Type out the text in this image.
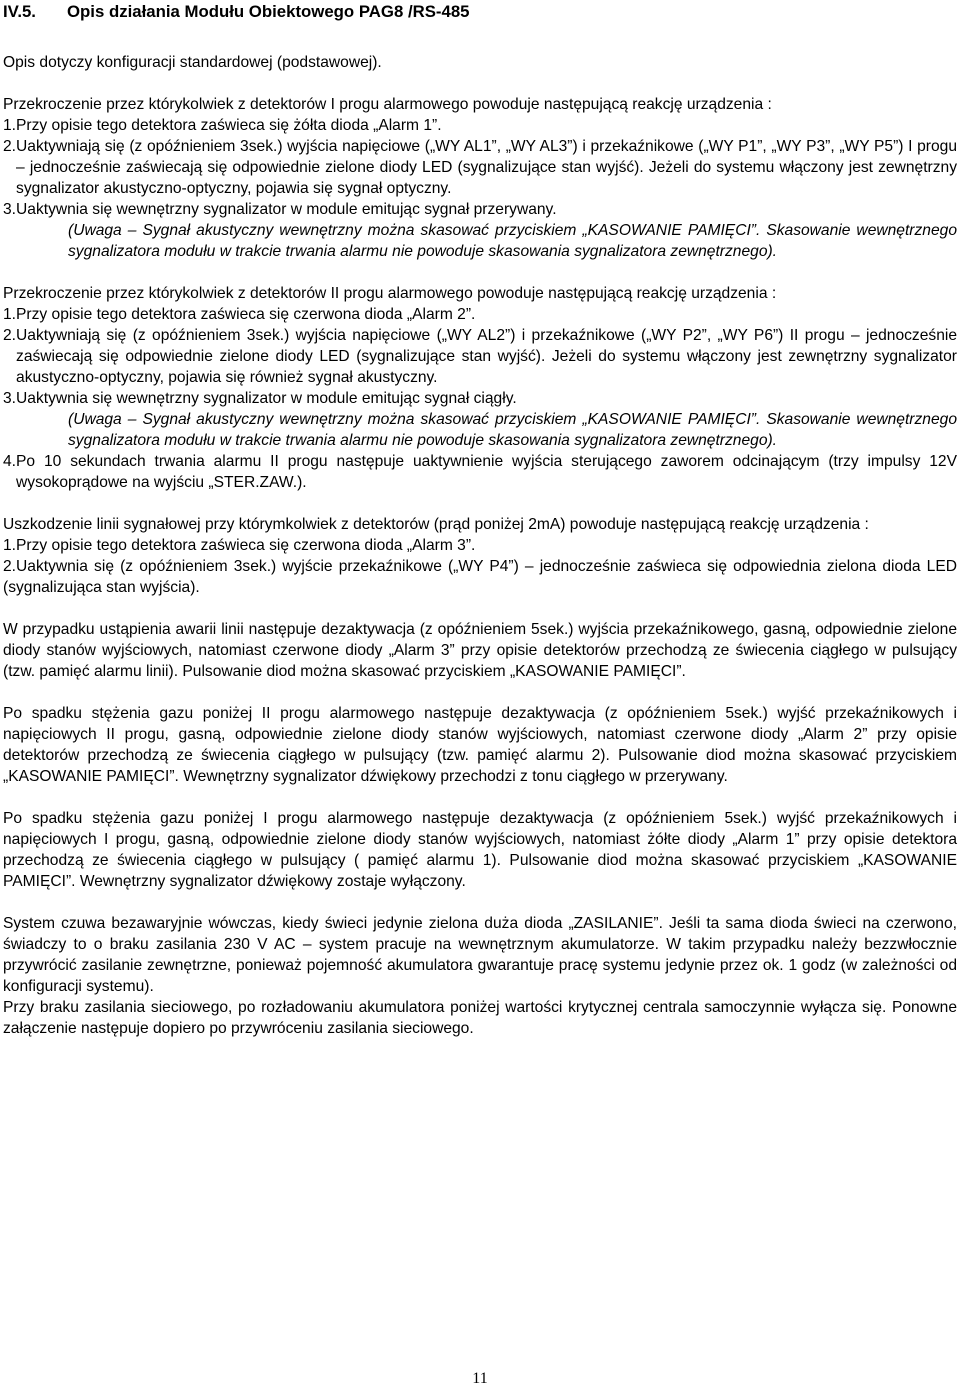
IV.5. Opis działania Modułu Obiektowego PAG8 /RS-485

Opis dotyczy konfiguracji standardowej (podstawowej).

Przekroczenie przez którykolwiek z detektorów I progu alarmowego powoduje następującą reakcję urządzenia :

1.Przy opisie tego detektora zaświeca się żółta dioda „Alarm 1”.

2. Uaktywniają się (z opóźnieniem 3sek.) wyjścia napięciowe („WY AL1”, „WY AL3”) i przekaźnikowe („WY P1”, „WY P3”, „WY P5”) I progu – jednocześnie zaświecają się odpowiednie zielone diody LED (sygnalizujące stan wyjść). Jeżeli do systemu włączony jest zewnętrzny sygnalizator akustyczno-optyczny, pojawia się sygnał optyczny.
3. Uaktywnia się wewnętrzny sygnalizator w module emitując sygnał przerywany.

(Uwaga – Sygnał akustyczny wewnętrzny można skasować przyciskiem „KASOWANIE PAMIĘCI”. Skasowanie wewnętrznego sygnalizatora modułu w trakcie trwania alarmu nie powoduje skasowania sygnalizatora zewnętrznego).

Przekroczenie przez którykolwiek z detektorów II progu alarmowego powoduje następującą reakcję urządzenia :

1.Przy opisie tego detektora zaświeca się czerwona dioda „Alarm 2”.

2. Uaktywniają się (z opóźnieniem 3sek.) wyjścia napięciowe („WY AL2”) i przekaźnikowe („WY P2”, „WY P6”) II progu – jednocześnie zaświecają się odpowiednie zielone diody LED (sygnalizujące stan wyjść). Jeżeli do systemu włączony jest zewnętrzny sygnalizator akustyczno-optyczny, pojawia się również sygnał akustyczny.
3. Uaktywnia się wewnętrzny sygnalizator w module emitując sygnał ciągły.

(Uwaga – Sygnał akustyczny wewnętrzny można skasować przyciskiem „KASOWANIE PAMIĘCI”. Skasowanie wewnętrznego sygnalizatora modułu w trakcie trwania alarmu nie powoduje skasowania sygnalizatora zewnętrznego).

4. Po 10 sekundach trwania alarmu II progu następuje uaktywnienie wyjścia sterującego zaworem odcinającym (trzy impulsy 12V wysokoprądowe na wyjściu „STER.ZAW.).

Uszkodzenie linii sygnałowej przy którymkolwiek z detektorów (prąd poniżej 2mA) powoduje następującą reakcję urządzenia :

1.Przy opisie tego detektora zaświeca się czerwona dioda „Alarm 3”.

2.Uaktywnia się (z opóźnieniem 3sek.) wyjście przekaźnikowe („WY P4”) – jednocześnie zaświeca się odpowiednia zielona dioda LED (sygnalizująca stan wyjścia).

W przypadku ustąpienia awarii linii następuje dezaktywacja (z opóźnieniem 5sek.) wyjścia przekaźnikowego, gasną, odpowiednie zielone diody stanów wyjściowych, natomiast czerwone diody „Alarm 3” przy opisie detektorów przechodzą ze świecenia ciągłego w pulsujący (tzw. pamięć alarmu linii). Pulsowanie diod można skasować przyciskiem „KASOWANIE PAMIĘCI”.

Po spadku stężenia gazu poniżej II progu alarmowego następuje dezaktywacja (z opóźnieniem 5sek.) wyjść przekaźnikowych i napięciowych II progu, gasną, odpowiednie zielone diody stanów wyjściowych, natomiast czerwone diody „Alarm 2” przy opisie detektorów przechodzą ze świecenia ciągłego w pulsujący (tzw. pamięć alarmu 2). Pulsowanie diod można skasować przyciskiem „KASOWANIE PAMIĘCI”. Wewnętrzny sygnalizator dźwiękowy przechodzi z tonu ciągłego w przerywany.

Po spadku stężenia gazu poniżej I progu alarmowego następuje dezaktywacja (z opóźnieniem 5sek.) wyjść przekaźnikowych i napięciowych I progu, gasną, odpowiednie zielone diody stanów wyjściowych, natomiast żółte diody „Alarm 1” przy opisie detektora przechodzą ze świecenia ciągłego w pulsujący ( pamięć alarmu 1). Pulsowanie diod można skasować przyciskiem „KASOWANIE PAMIĘCI”. Wewnętrzny sygnalizator dźwiękowy zostaje wyłączony.

System czuwa bezawaryjnie wówczas, kiedy świeci jedynie zielona duża dioda „ZASILANIE”. Jeśli ta sama dioda świeci na czerwono, świadczy to o braku zasilania 230 V AC – system pracuje na wewnętrznym akumulatorze. W takim przypadku należy bezzwłocznie przywrócić zasilanie zewnętrzne, ponieważ pojemność akumulatora gwarantuje pracę systemu jedynie przez ok. 1 godz (w zależności od konfiguracji systemu).

Przy braku zasilania sieciowego, po rozładowaniu akumulatora poniżej wartości krytycznej centrala samoczynnie wyłącza się. Ponowne załączenie następuje dopiero po przywróceniu zasilania sieciowego.

11
